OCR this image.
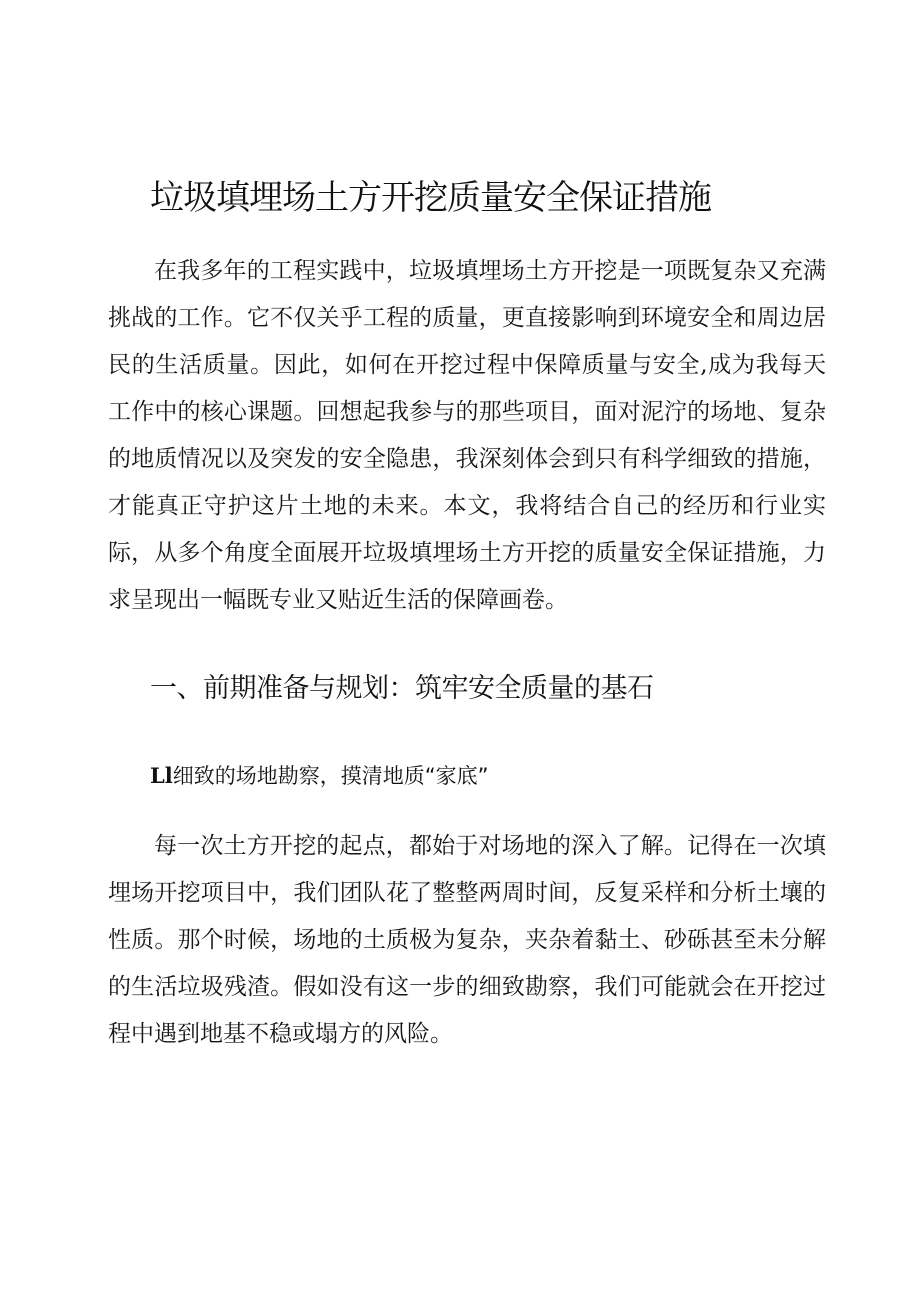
垃圾填埋场土方开挖质量安全保证措施

在我多年的工程实践中，垃圾填埋场土方开挖是一项既复杂又充满挑战的工作。它不仅关乎工程的质量，更直接影响到环境安全和周边居民的生活质量。因此，如何在开挖过程中保障质量与安全,成为我每天工作中的核心课题。回想起我参与的那些项目，面对泥泞的场地、复杂的地质情况以及突发的安全隐患，我深刻体会到只有科学细致的措施，才能真正守护这片土地的未来。本文，我将结合自己的经历和行业实际，从多个角度全面展开垃圾填埋场土方开挖的质量安全保证措施，力求呈现出一幅既专业又贴近生活的保障画卷。

一、前期准备与规划：筑牢安全质量的基石
Ll细致的场地勘察，摸清地质“家底”

每一次土方开挖的起点，都始于对场地的深入了解。记得在一次填埋场开挖项目中，我们团队花了整整两周时间，反复采样和分析土壤的性质。那个时候，场地的土质极为复杂，夹杂着黏土、砂砾甚至未分解的生活垃圾残渣。假如没有这一步的细致勘察，我们可能就会在开挖过程中遇到地基不稳或塌方的风险。
